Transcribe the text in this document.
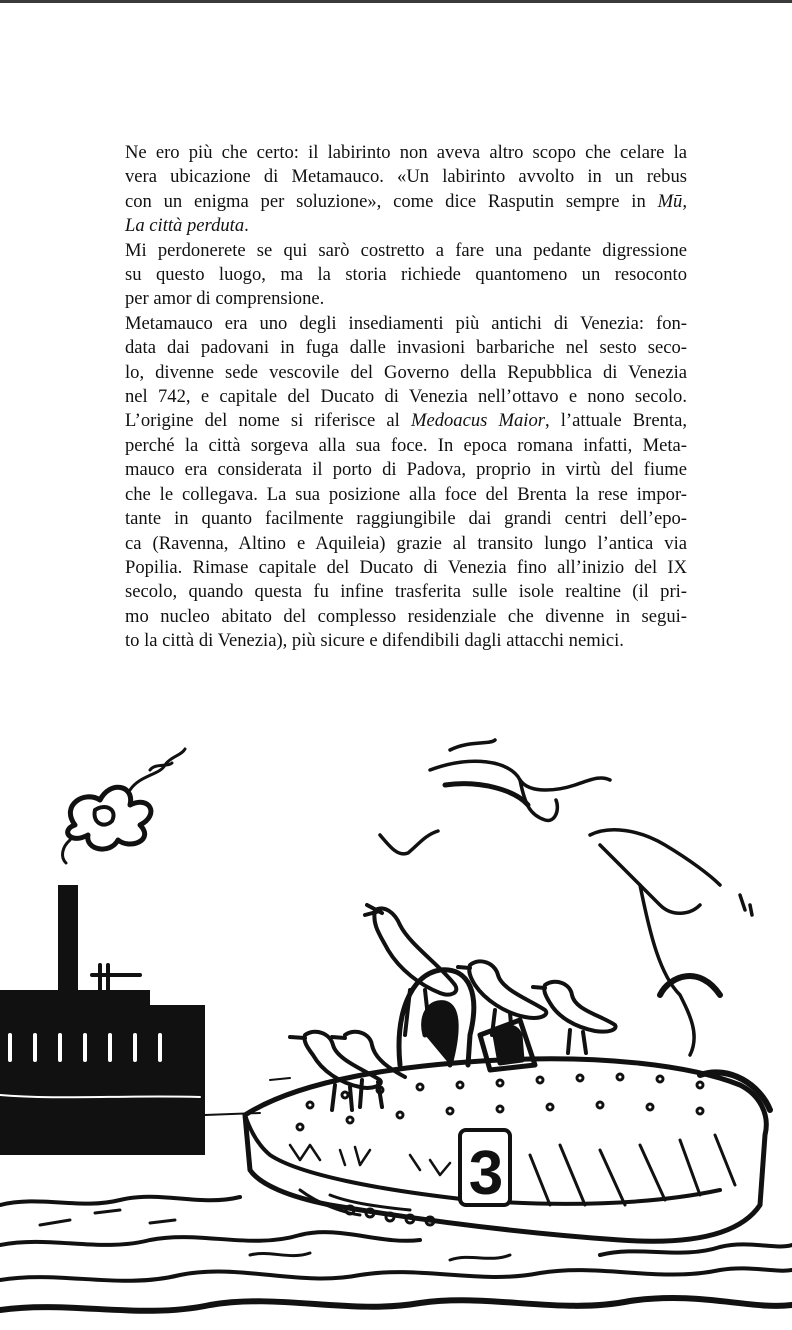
Ne ero più che certo: il labirinto non aveva altro scopo che celare la
vera ubicazione di Metamauco. «Un labirinto avvolto in un rebus
con un enigma per soluzione», come dice Rasputin sempre in Mū,
La città perduta.
Mi perdonerete se qui sarò costretto a fare una pedante digressione
su questo luogo, ma la storia richiede quantomeno un resoconto
per amor di comprensione.
Metamauco era uno degli insediamenti più antichi di Venezia: fon-
data dai padovani in fuga dalle invasioni barbariche nel sesto seco-
lo, divenne sede vescovile del Governo della Repubblica di Venezia
nel 742, e capitale del Ducato di Venezia nell’ottavo e nono secolo.
L’origine del nome si riferisce al Medoacus Maior, l’attuale Brenta,
perché la città sorgeva alla sua foce. In epoca romana infatti, Meta-
mauco era considerata il porto di Padova, proprio in virtù del fiume
che le collegava. La sua posizione alla foce del Brenta la rese impor-
tante in quanto facilmente raggiungibile dai grandi centri dell’epo-
ca (Ravenna, Altino e Aquileia) grazie al transito lungo l’antica via
Popilia. Rimase capitale del Ducato di Venezia fino all’inizio del IX
secolo, quando questa fu infine trasferita sulle isole realtine (il pri-
mo nucleo abitato del complesso residenziale che divenne in segui-
to la città di Venezia), più sicure e difendibili dagli attacchi nemici.
3
